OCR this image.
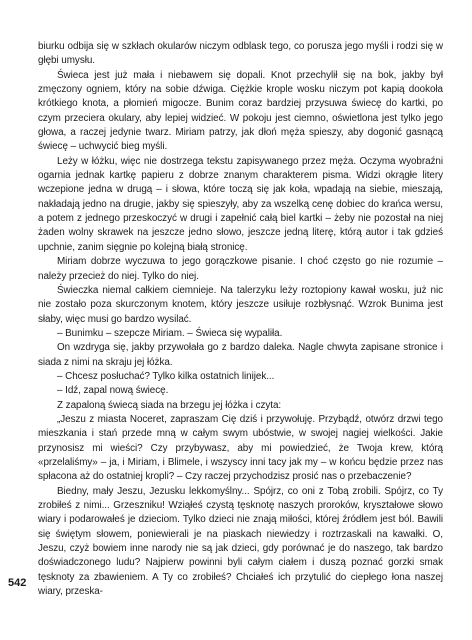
biurku odbija się w szkłach okularów niczym odblask tego, co porusza jego myśli i rodzi się w głębi umysłu.

Świeca jest już mała i niebawem się dopali. Knot przechylił się na bok, jakby był zmęczony ogniem, który na sobie dźwiga. Ciężkie krople wosku niczym pot kapią dookoła krótkiego knota, a płomień migocze. Bunim coraz bardziej przysuwa świecę do kartki, po czym przeciera okulary, aby lepiej widzieć. W pokoju jest ciemno, oświetlona jest tylko jego głowa, a raczej jedynie twarz. Miriam patrzy, jak dłoń męża spieszy, aby dogonić gasnącą świecę – uchwycić bieg myśli.

Leży w łóżku, więc nie dostrzega tekstu zapisywanego przez męża. Oczyma wyobraźni ogarnia jednak kartkę papieru z dobrze znanym charakterem pisma. Widzi okrągłe litery wczepione jedna w drugą – i słowa, które toczą się jak koła, wpadają na siebie, mieszają, nakładają jedno na drugie, jakby się spieszyły, aby za wszelką cenę dobiec do krańca wersu, a potem z jednego przeskoczyć w drugi i zapełnić całą biel kartki – żeby nie pozostał na niej żaden wolny skrawek na jeszcze jedno słowo, jeszcze jedną literę, którą autor i tak gdzieś upchnie, zanim sięgnie po kolejną białą stronicę.

Miriam dobrze wyczuwa to jego gorączkowe pisanie. I choć często go nie rozumie – należy przecież do niej. Tylko do niej.

Świeczka niemal całkiem ciemnieje. Na talerzyku leży roztopiony kawał wosku, już nic nie zostało poza skurczonym knotem, który jeszcze usiłuje rozbłysnąć. Wzrok Bunima jest słaby, więc musi go bardzo wysilać.

– Bunimku – szepcze Miriam. – Świeca się wypaliła.

On wzdryga się, jakby przywołała go z bardzo daleka. Nagle chwyta zapisane stronice i siada z nimi na skraju jej łóżka.

– Chcesz posłuchać? Tylko kilka ostatnich linijek...

– Idź, zapal nową świecę.

Z zapaloną świecą siada na brzegu jej łóżka i czyta:

„Jeszu z miasta Noceret, zapraszam Cię dziś i przywołuję. Przybądź, otwórz drzwi tego mieszkania i stań przede mną w całym swym ubóstwie, w swojej nagiej wielkości. Jakie przynosisz mi wieści? Czy przybywasz, aby mi powiedzieć, że Twoja krew, którą «przelaliśmy» – ja, i Miriam, i Blimele, i wszyscy inni tacy jak my – w końcu będzie przez nas spłacona aż do ostatniej kropli? – Czy raczej przychodzisz prosić nas o przebaczenie?

Biedny, mały Jeszu, Jezusku lekkomyślny... Spójrz, co oni z Tobą zrobili. Spójrz, co Ty zrobiłeś z nimi... Grzeszniku! Wziąłeś czystą tęsknotę naszych proroków, kryształowe słowo wiary i podarowałeś je dzieciom. Tylko dzieci nie znają miłości, której źródłem jest ból. Bawili się świętym słowem, poniewierali je na piaskach niewiedzy i roztrzaskali na kawałki. O, Jeszu, czyż bowiem inne narody nie są jak dzieci, gdy porównać je do naszego, tak bardzo doświadczonego ludu? Najpierw powinni byli całym ciałem i duszą poznać gorzki smak tęsknoty za zbawieniem. A Ty co zrobiłeś? Chciałeś ich przytulić do ciepłego łona naszej wiary, przeska-

542
